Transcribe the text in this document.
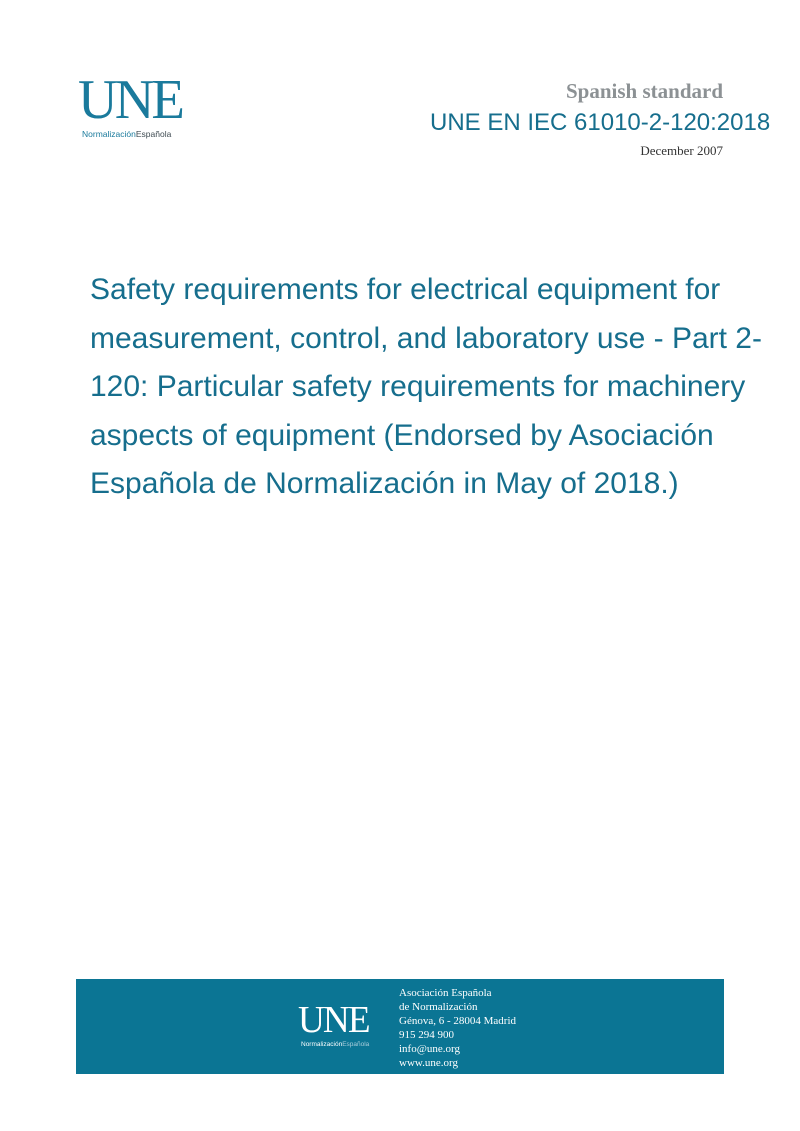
UNE
NormalizaciónEspañola
Spanish standard
UNE EN IEC 61010-2-120:2018
December 2007
Safety requirements for electrical equipment for measurement, control, and laboratory use - Part 2-120: Particular safety requirements for machinery aspects of equipment (Endorsed by Asociación Española de Normalización in May of 2018.)
UNE
NormalizaciónEspañola
Asociación Española
de Normalización
Génova, 6 - 28004 Madrid
915 294 900
info@une.org
www.une.org
